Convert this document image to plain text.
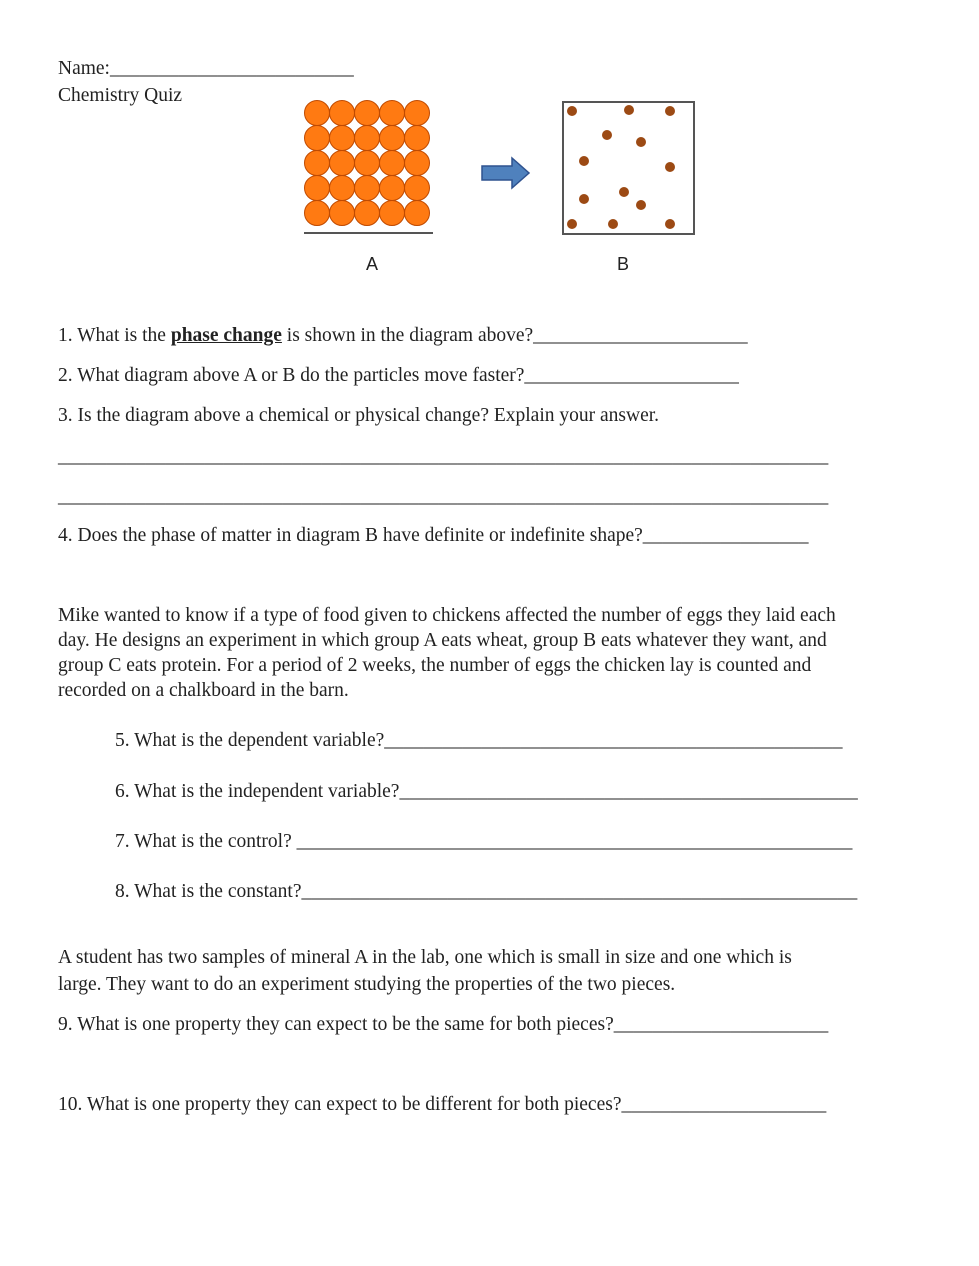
Name:_________________________
Chemistry Quiz
A	B
1. What is the phase change is shown in the diagram above?______________________
2. What diagram above A or B do the particles move faster?______________________
3. Is the diagram above a chemical or physical change? Explain your answer.
_______________________________________________________________________________
_______________________________________________________________________________
4. Does the phase of matter in diagram B have definite or indefinite shape?_________________
Mike wanted to know if a type of food given to chickens affected the number of eggs they laid each
day. He designs an experiment in which group A eats wheat, group B eats whatever they want, and
group C eats protein. For a period of 2 weeks, the number of eggs the chicken lay is counted and
recorded on a chalkboard in the barn.
5. What is the dependent variable?_______________________________________________
6. What is the independent variable?_______________________________________________
7. What is the control? _________________________________________________________
8. What is the constant?_________________________________________________________
A student has two samples of mineral A in the lab, one which is small in size and one which is
large. They want to do an experiment studying the properties of the two pieces.
9. What is one property they can expect to be the same for both pieces?______________________
10. What is one property they can expect to be different for both pieces?_____________________
